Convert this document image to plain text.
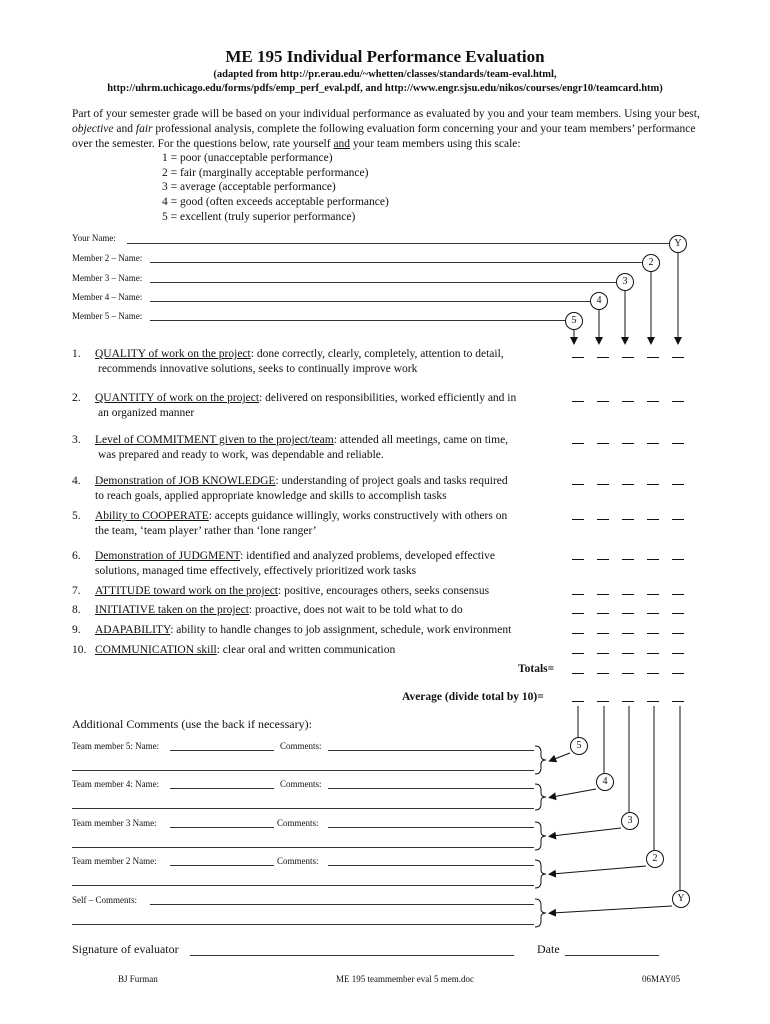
ME 195 Individual Performance Evaluation
(adapted from http://pr.erau.edu/~whetten/classes/standards/team-eval.html,
http://uhrm.uchicago.edu/forms/pdfs/emp_perf_eval.pdf, and http://www.engr.sjsu.edu/nikos/courses/engr10/teamcard.htm)
Part of your semester grade will be based on your individual performance as evaluated by you and your team members. Using your best, objective and fair professional analysis, complete the following evaluation form concerning your and your team members’ performance over the semester. For the questions below, rate yourself and your team members using this scale:
1 = poor (unacceptable performance)
2 = fair (marginally acceptable performance)
3 = average (acceptable performance)
4 = good (often exceeds acceptable performance)
5 = excellent (truly superior performance)
Your Name:	Y
Member 2 – Name:	2
Member 3 – Name:	3
Member 4 – Name:	4
Member 5 – Name:	5
1. QUALITY of work on the project: done correctly, clearly, completely, attention to detail,
recommends innovative solutions, seeks to continually improve work
2. QUANTITY of work on the project: delivered on responsibilities, worked efficiently and in
an organized manner
3. Level of COMMITMENT given to the project/team: attended all meetings, came on time,
was prepared and ready to work, was dependable and reliable.
4. Demonstration of JOB KNOWLEDGE: understanding of project goals and tasks required
to reach goals, applied appropriate knowledge and skills to accomplish tasks
5. Ability to COOPERATE: accepts guidance willingly, works constructively with others on
the team, ‘team player’ rather than ‘lone ranger’
6. Demonstration of JUDGMENT: identified and analyzed problems, developed effective
solutions, managed time effectively, effectively prioritized work tasks
7. ATTITUDE toward work on the project: positive, encourages others, seeks consensus
8. INITIATIVE taken on the project: proactive, does not wait to be told what to do
9. ADAPABILITY: ability to handle changes to job assignment, schedule, work environment
10. COMMUNICATION skill: clear oral and written communication
Totals=
Average (divide total by 10)=
Additional Comments (use the back if necessary):
Team member 5: Name:	Comments:	5
Team member 4: Name:	Comments:	4
Team member 3 Name:	Comments:	3
Team member 2 Name:	Comments:	2
Self – Comments:	Y
Signature of evaluator	Date
BJ Furman	ME 195 teammember eval 5 mem.doc	06MAY05
